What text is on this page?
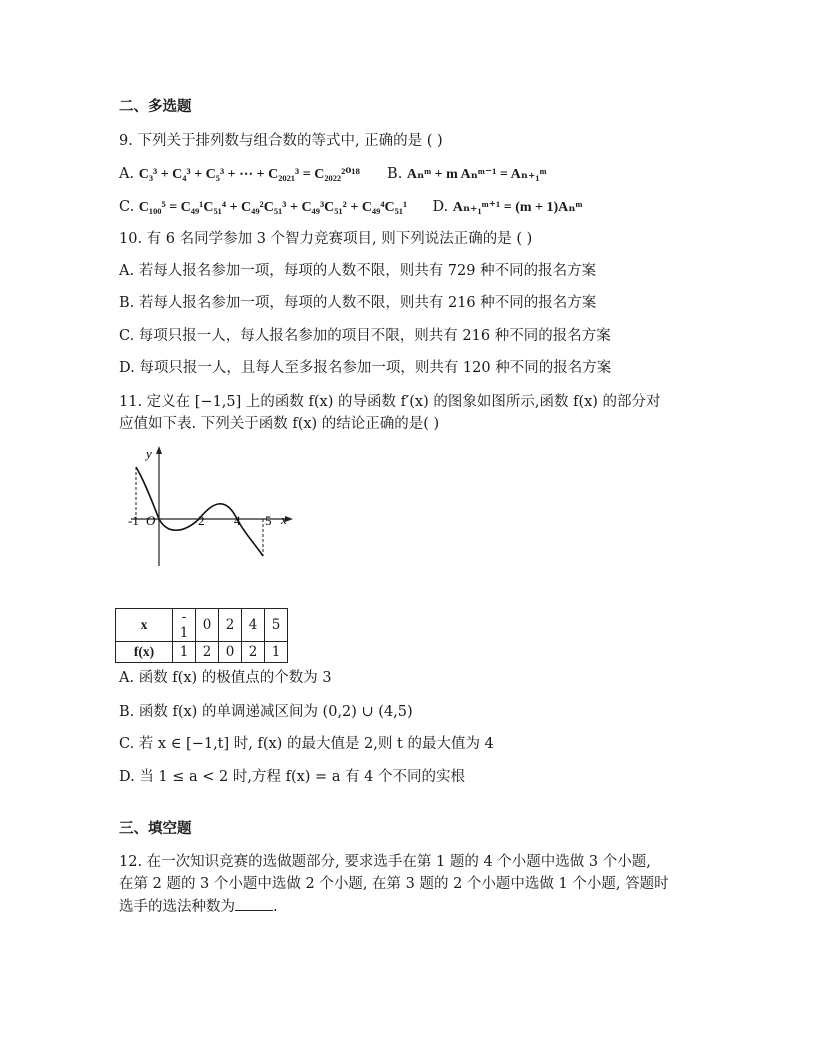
二、多选题
9. 下列关于排列数与组合数的等式中, 正确的是 ( )
A. C₃³ + C₄³ + C₅³ + ⋯ + C₂₀₂₁³ = C₂₀₂₂²⁰¹⁸ B. Aₙᵐ + m Aₙᵐ⁻¹ = Aₙ₊₁ᵐ
C. C₁₀₀⁵ = C₄₉¹C₅₁⁴ + C₄₉²C₅₁³ + C₄₉³C₅₁² + C₄₉⁴C₅₁¹ D. Aₙ₊₁ᵐ⁺¹ = (m + 1)Aₙᵐ
10. 有 6 名同学参加 3 个智力竞赛项目, 则下列说法正确的是 ( )
A. 若每人报名参加一项，每项的人数不限，则共有 729 种不同的报名方案
B. 若每人报名参加一项，每项的人数不限，则共有 216 种不同的报名方案
C. 每项只报一人，每人报名参加的项目不限，则共有 216 种不同的报名方案
D. 每项只报一人，且每人至多报名参加一项，则共有 120 种不同的报名方案
11. 定义在 [−1,5] 上的函数 f(x) 的导函数 f′(x) 的图象如图所示,函数 f(x) 的部分对
应值如下表. 下列关于函数 f(x) 的结论正确的是( )
y
x
O
-1	2 4 5
x	- 1	0	2	4	5
f(x)	1	2	0	2	1
A. 函数 f(x) 的极值点的个数为 3
B. 函数 f(x) 的单调递减区间为 (0,2) ∪ (4,5)
C. 若 x ∈ [−1,t] 时, f(x) 的最大值是 2,则 t 的最大值为 4
D. 当 1 ≤ a < 2 时,方程 f(x) = a 有 4 个不同的实根
三、填空题
12. 在一次知识竞赛的选做题部分, 要求选手在第 1 题的 4 个小题中选做 3 个小题,
在第 2 题的 3 个小题中选做 2 个小题, 在第 3 题的 2 个小题中选做 1 个小题, 答题时
选手的选法种数为	.
